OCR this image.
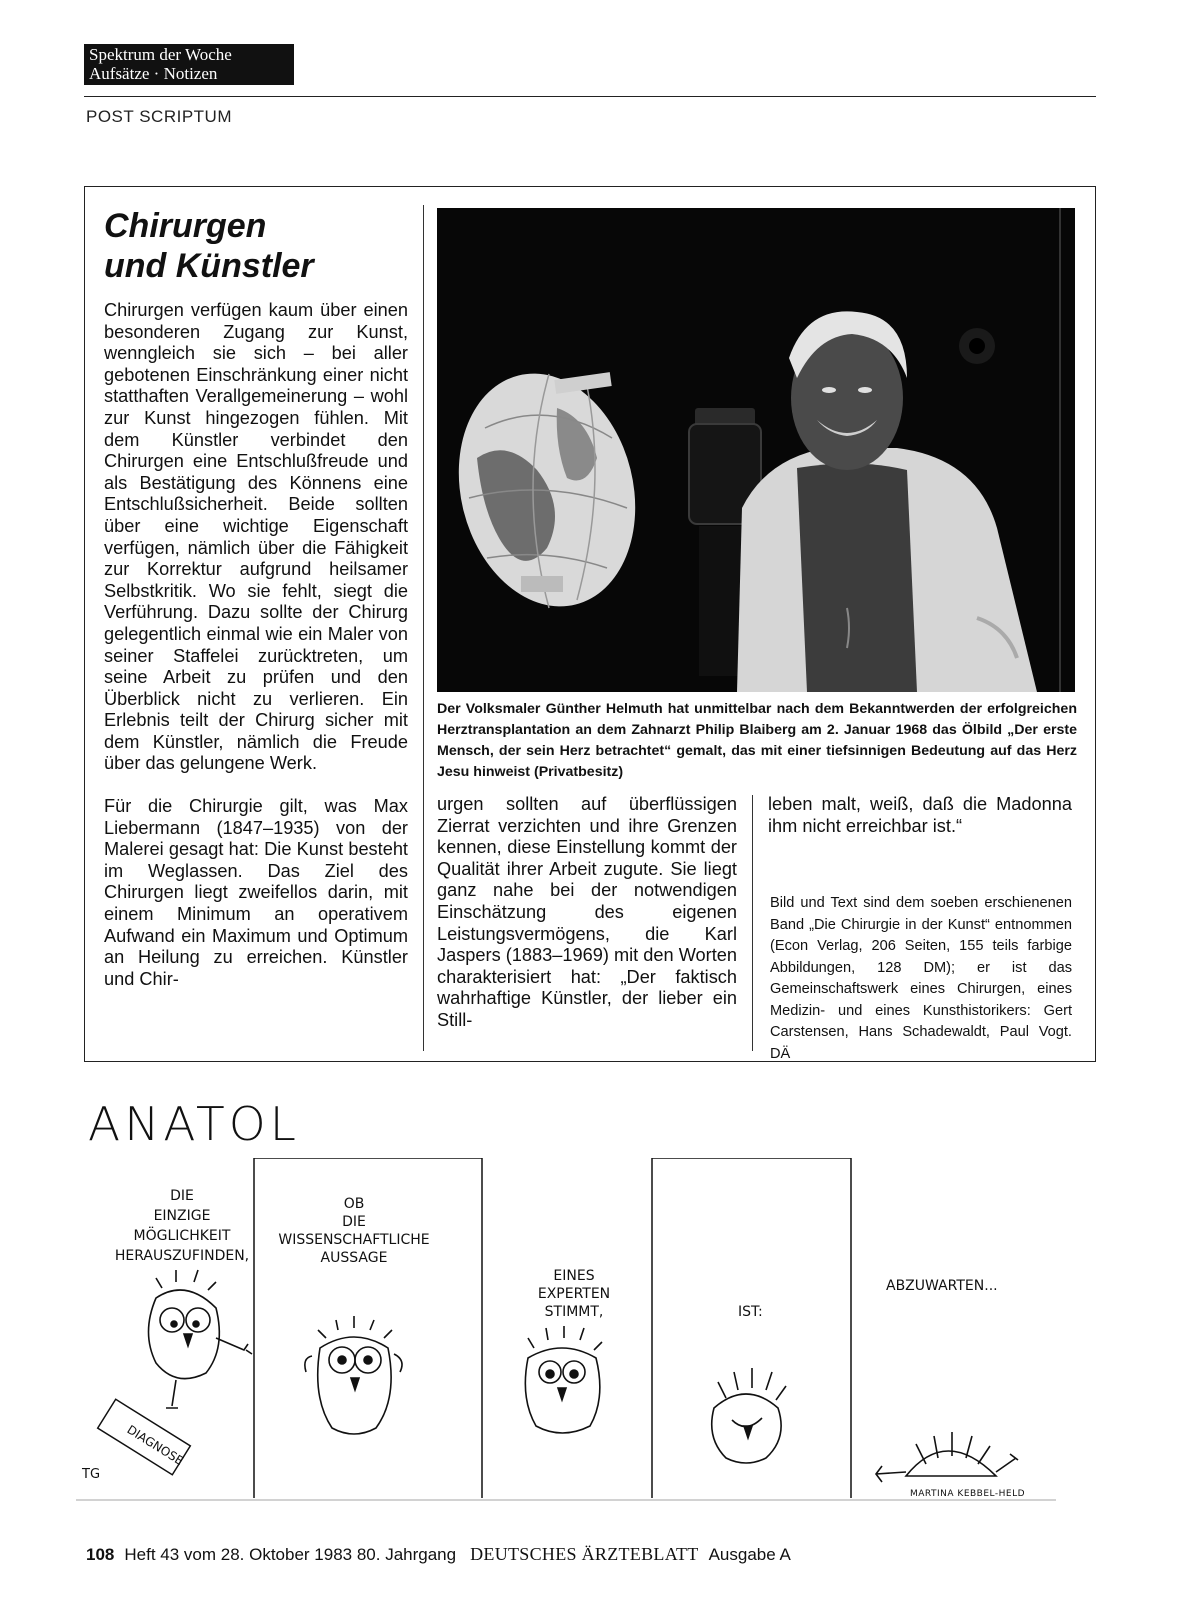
Spektrum der Woche
Aufsätze · Notizen
POST SCRIPTUM
Chirurgen
und Künstler

Chirurgen verfügen kaum über einen besonderen Zugang zur Kunst, wenngleich sie sich – bei aller gebotenen Einschränkung einer nicht statthaften Verallgemeinerung – wohl zur Kunst hingezogen fühlen. Mit dem Künstler verbindet den Chirurgen eine Entschlußfreude und als Bestätigung des Könnens eine Entschlußsicherheit. Beide sollten über eine wichtige Eigenschaft verfügen, nämlich über die Fähigkeit zur Korrektur aufgrund heilsamer Selbstkritik. Wo sie fehlt, siegt die Verführung. Dazu sollte der Chirurg gelegentlich einmal wie ein Maler von seiner Staffelei zurücktreten, um seine Arbeit zu prüfen und den Überblick nicht zu verlieren. Ein Erlebnis teilt der Chirurg sicher mit dem Künstler, nämlich die Freude über das gelungene Werk.

Für die Chirurgie gilt, was Max Liebermann (1847–1935) von der Malerei gesagt hat: Die Kunst besteht im Weglassen. Das Ziel des Chirurgen liegt zweifellos darin, mit einem Minimum an operativem Aufwand ein Maximum und Optimum an Heilung zu erreichen. Künstler und Chir-

Der Volksmaler Günther Helmuth hat unmittelbar nach dem Bekanntwerden der erfolgreichen Herztransplantation an dem Zahnarzt Philip Blaiberg am 2. Januar 1968 das Ölbild „Der erste Mensch, der sein Herz betrachtet“ gemalt, das mit einer tiefsinnigen Bedeutung auf das Herz Jesu hinweist (Privatbesitz)

urgen sollten auf überflüssigen Zierrat verzichten und ihre Grenzen kennen, diese Einstellung kommt der Qualität ihrer Arbeit zugute. Sie liegt ganz nahe bei der notwendigen Einschätzung des eigenen Leistungsvermögens, die Karl Jaspers (1883–1969) mit den Worten charakterisiert hat: „Der faktisch wahrhaftige Künstler, der lieber ein Still-

leben malt, weiß, daß die Madonna ihm nicht erreichbar ist.“

Bild und Text sind dem soeben erschienenen Band „Die Chirurgie in der Kunst“ entnommen (Econ Verlag, 206 Seiten, 155 teils farbige Abbildungen, 128 DM); er ist das Gemeinschaftswerk eines Chirurgen, eines Medizin- und eines Kunsthistorikers: Gert Carstensen, Hans Schadewaldt, Paul Vogt. DÄ
ANATOL
DIE
EINZIGE
MÖGLICHKEIT
HERAUSZUFINDEN,
DIAGNOSE
TG
OB
DIE
WISSENSCHAFTLICHE
AUSSAGE
EINES
EXPERTEN
STIMMT,	IST:
ABZUWARTEN...
MARTINA KEBBEL-HELD
108 Heft 43 vom 28. Oktober 1983 80. Jahrgang DEUTSCHES ÄRZTEBLATT Ausgabe A
